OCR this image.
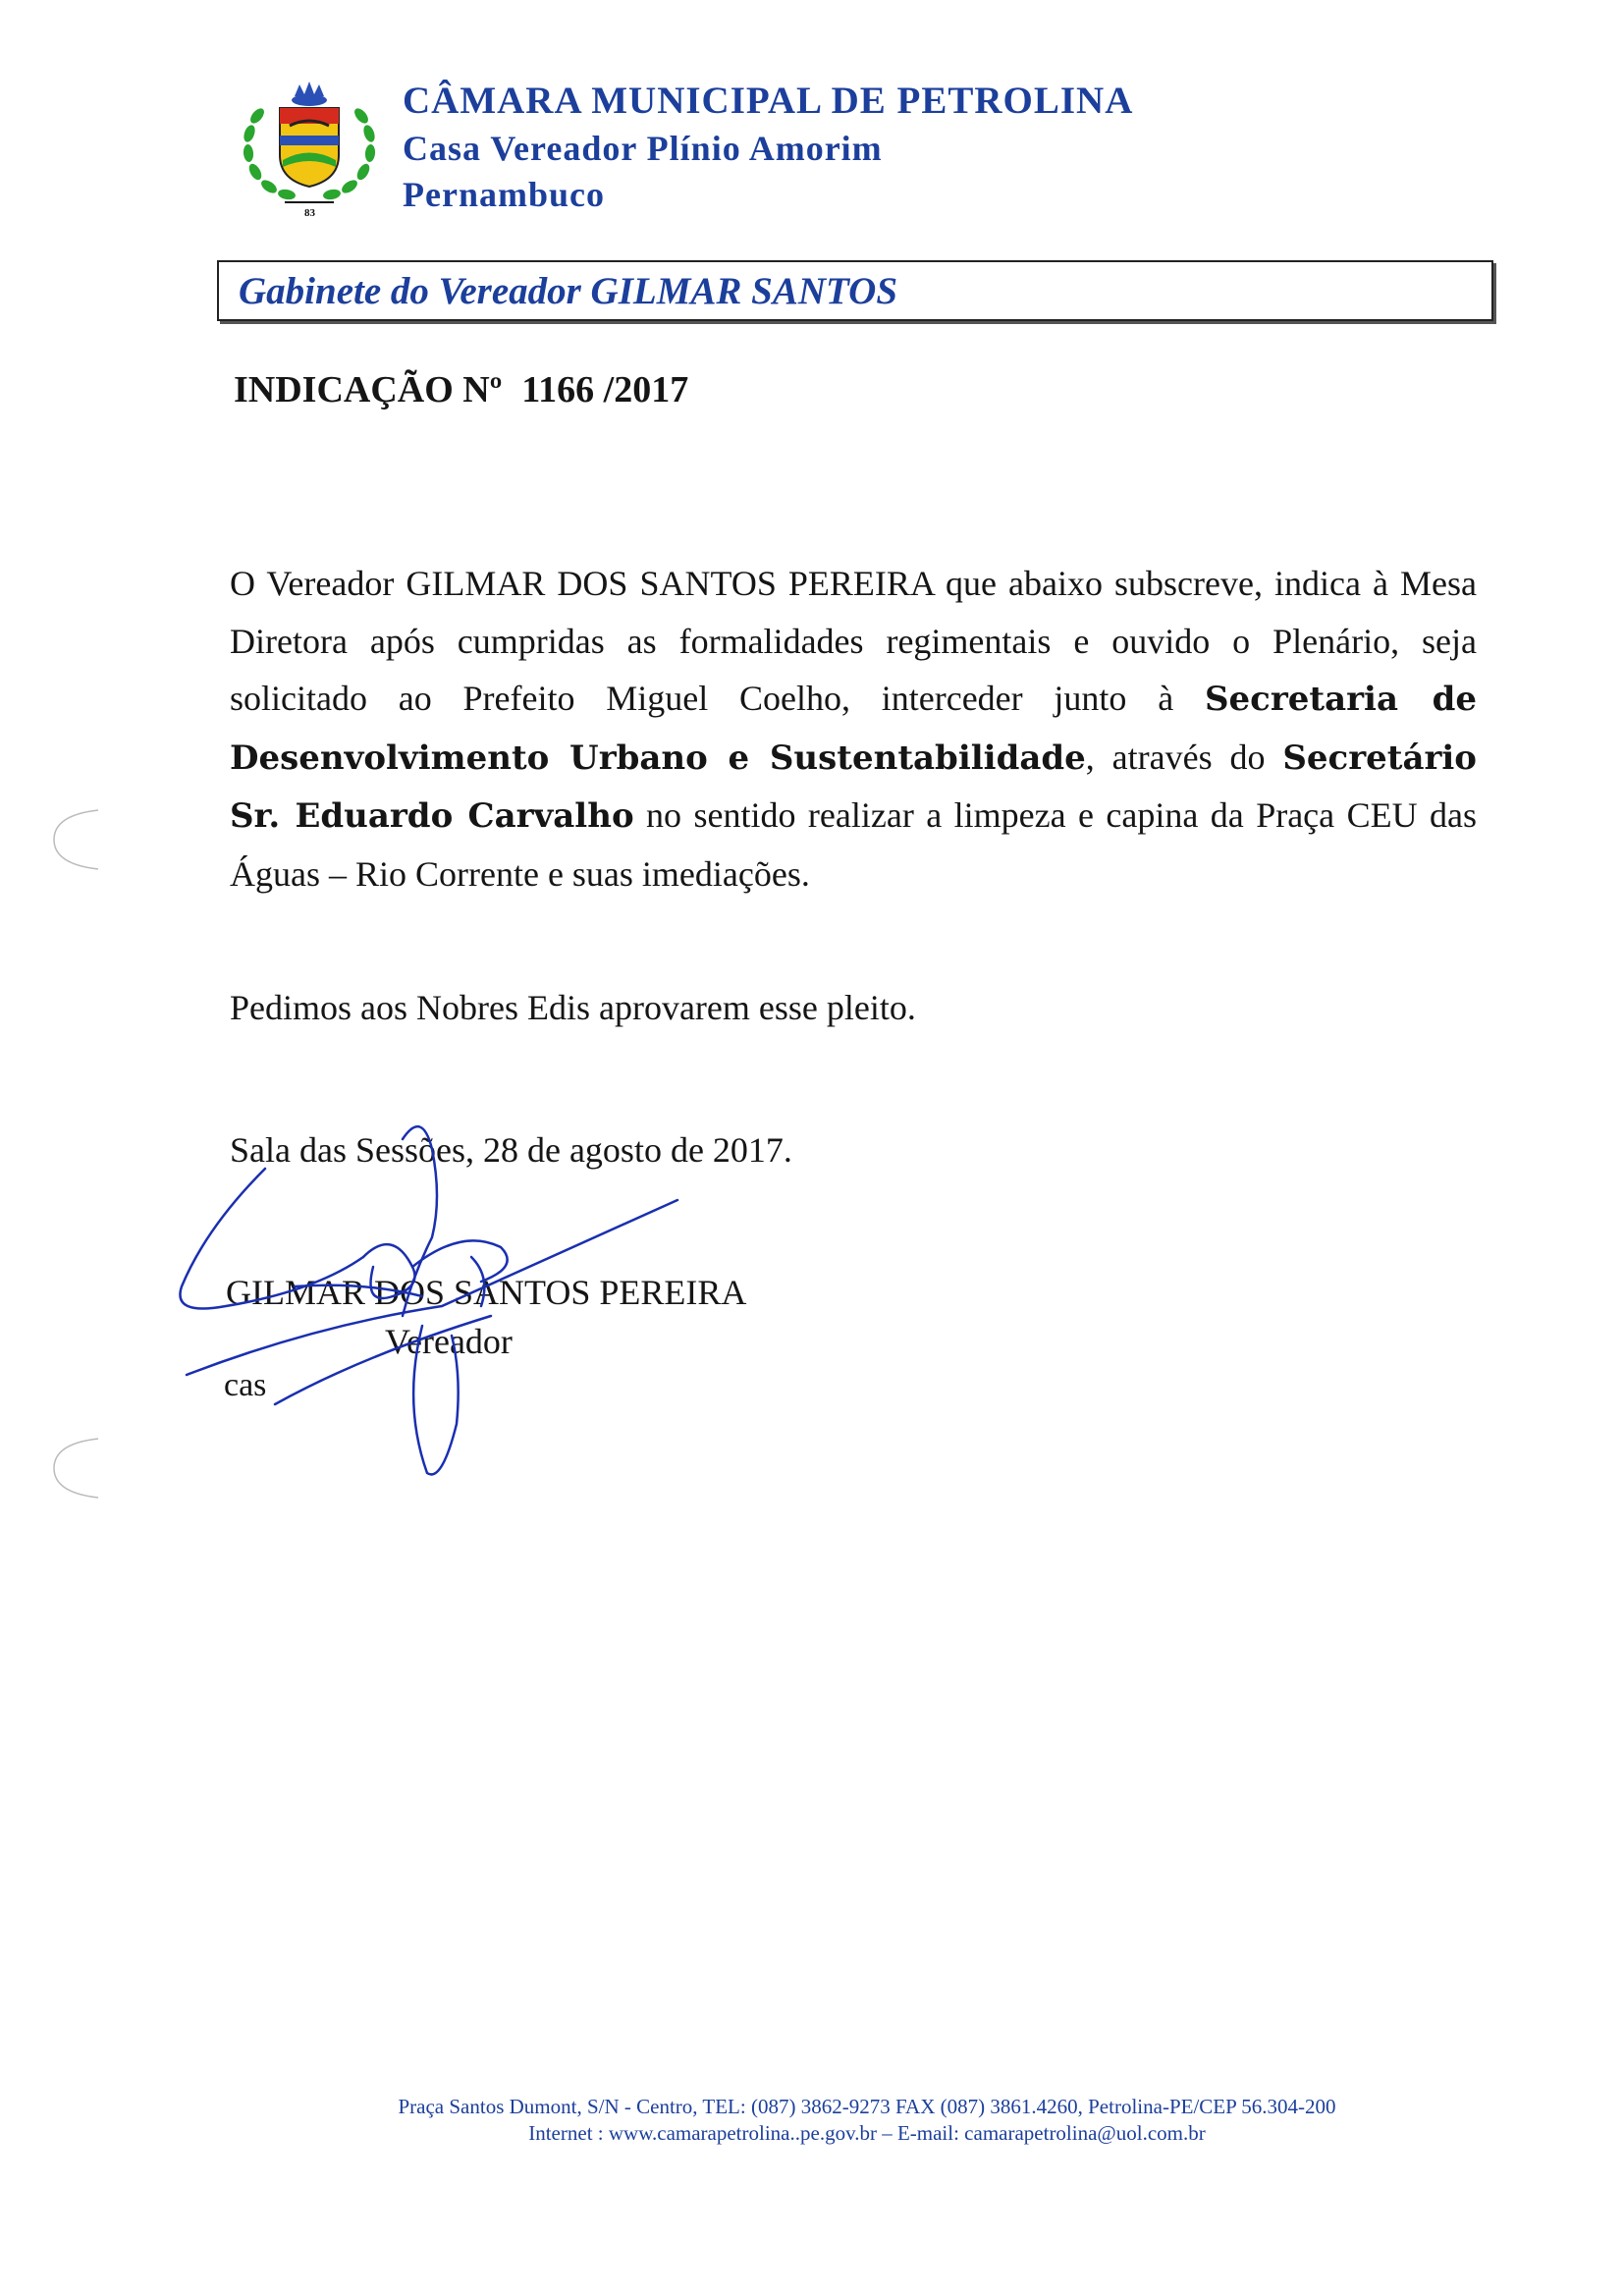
83
CÂMARA MUNICIPAL DE PETROLINA
Casa Vereador Plínio Amorim
Pernambuco
Gabinete do Vereador GILMAR SANTOS
INDICAÇÃO Nº 1166 /2017
O Vereador GILMAR DOS SANTOS PEREIRA que abaixo subscreve, indica à Mesa Diretora após cumpridas as formalidades regimentais e ouvido o Plenário, seja solicitado ao Prefeito Miguel Coelho, interceder junto à Secretaria de Desenvolvimento Urbano e Sustentabilidade, através do Secretário Sr. Eduardo Carvalho no sentido realizar a limpeza e capina da Praça CEU das Águas – Rio Corrente e suas imediações.
Pedimos aos Nobres Edis aprovarem esse pleito.
Sala das Sessões, 28 de agosto de 2017.
GILMAR DOS SANTOS PEREIRA
Vereador
cas
Praça Santos Dumont, S/N - Centro, TEL: (087) 3862-9273 FAX (087) 3861.4260, Petrolina-PE/CEP 56.304-200
Internet : www.camarapetrolina..pe.gov.br – E-mail: camarapetrolina@uol.com.br
